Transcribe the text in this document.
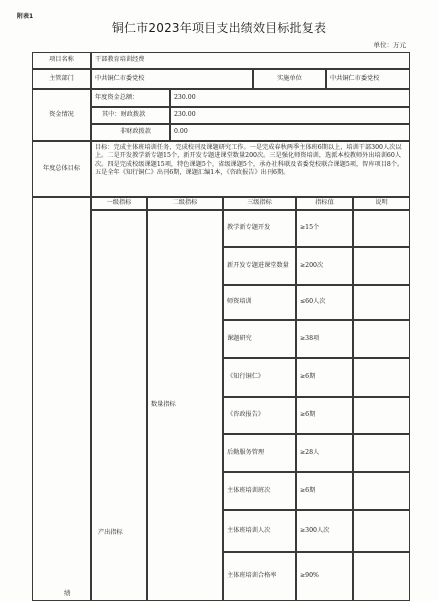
附表1
铜仁市2023年项目支出绩效目标批复表
单位：万元
项目名称	干部教育培训经费
主管部门	中共铜仁市委党校	实施单位	中共铜仁市委党校
资金情况
年度资金总额：	230.00
其中：财政拨款	230.00
非财政拨款	0.00
年度总体目标
目标：完成主体班培训任务，完成校刊及课题研究工作。一是完成春秋两季主体班6期以上，培训干部300人次以上。二是开发教学新专题15个，新开发专题进课堂数量200次。三是强化师资培训，选派本校教师外出培训60人次。四是完成校级课题15项，特色课题5个，省级课题5个，承办社科联及省委党校联合课题5项，智库项目8个。五是全年《知行铜仁》出刊6期，课题汇编1本，《咨政报告》出刊6期。
绩
一级指标	二级指标	三级指标	指标值	说明
产出指标
数量指标
教学新专题开发	≥15个
新开发专题进课堂数量	≥200次
师资培训	≤60人次
课题研究	≥38项
《知行铜仁》	≥6期
《咨政报告》	≥6期
后勤服务管理	≥28人
主体班培训班次	≥6期
主体班培训人次	≥300人次
主体班培训合格率	≥90%
